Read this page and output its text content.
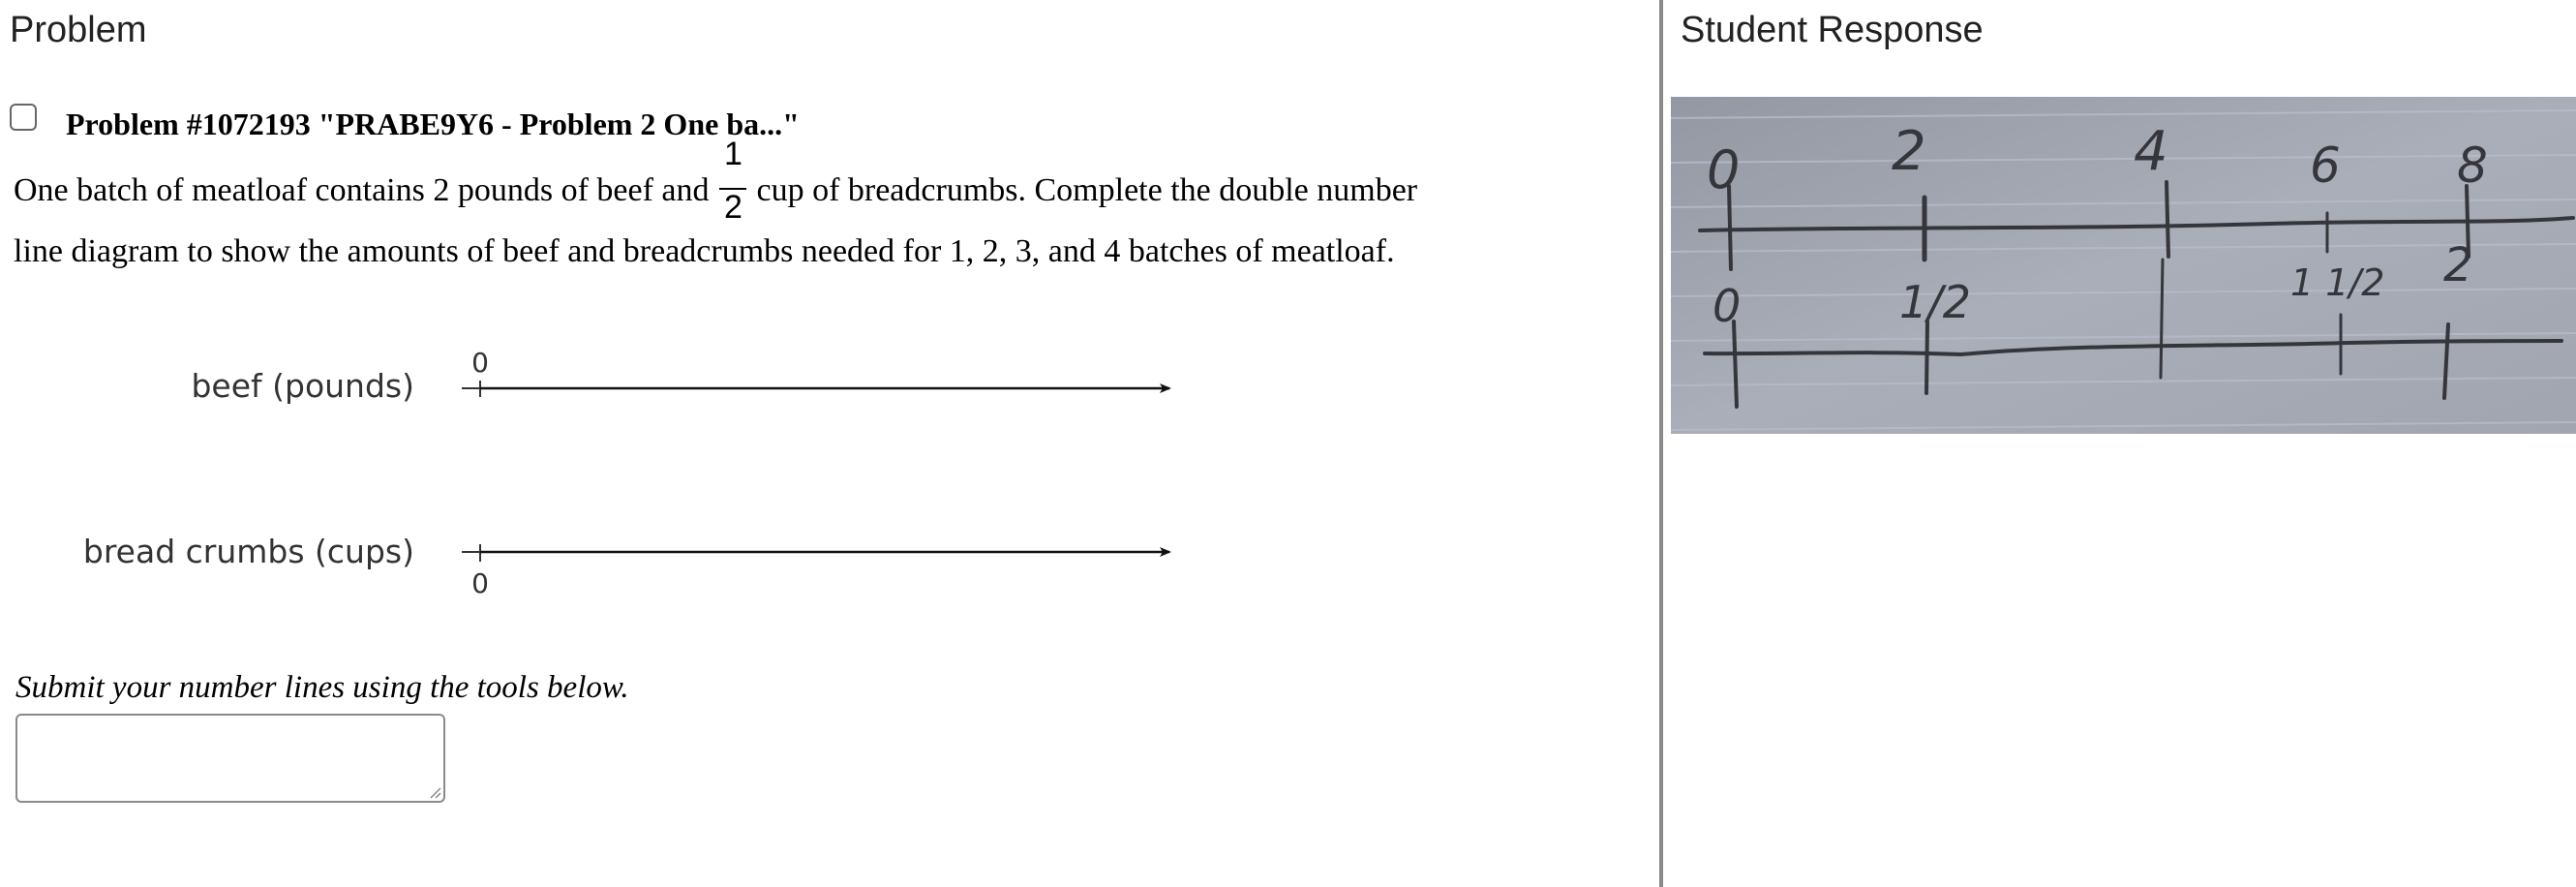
Problem
Problem #1072193 "PRABE9Y6 - Problem 2 One ba..."
One batch of meatloaf contains 2 pounds of beef and $\frac{1}{2}$ cup of breadcrumbs. Complete the double number
line diagram to show the amounts of beef and breadcrumbs needed for 1, 2, 3, and 4 batches of meatloaf.
beef (pounds)
0
bread crumbs (cups)
0
Submit your number lines using the tools below.
Student Response
0	2	4	6 8
0	1/2	1 1/2 2
